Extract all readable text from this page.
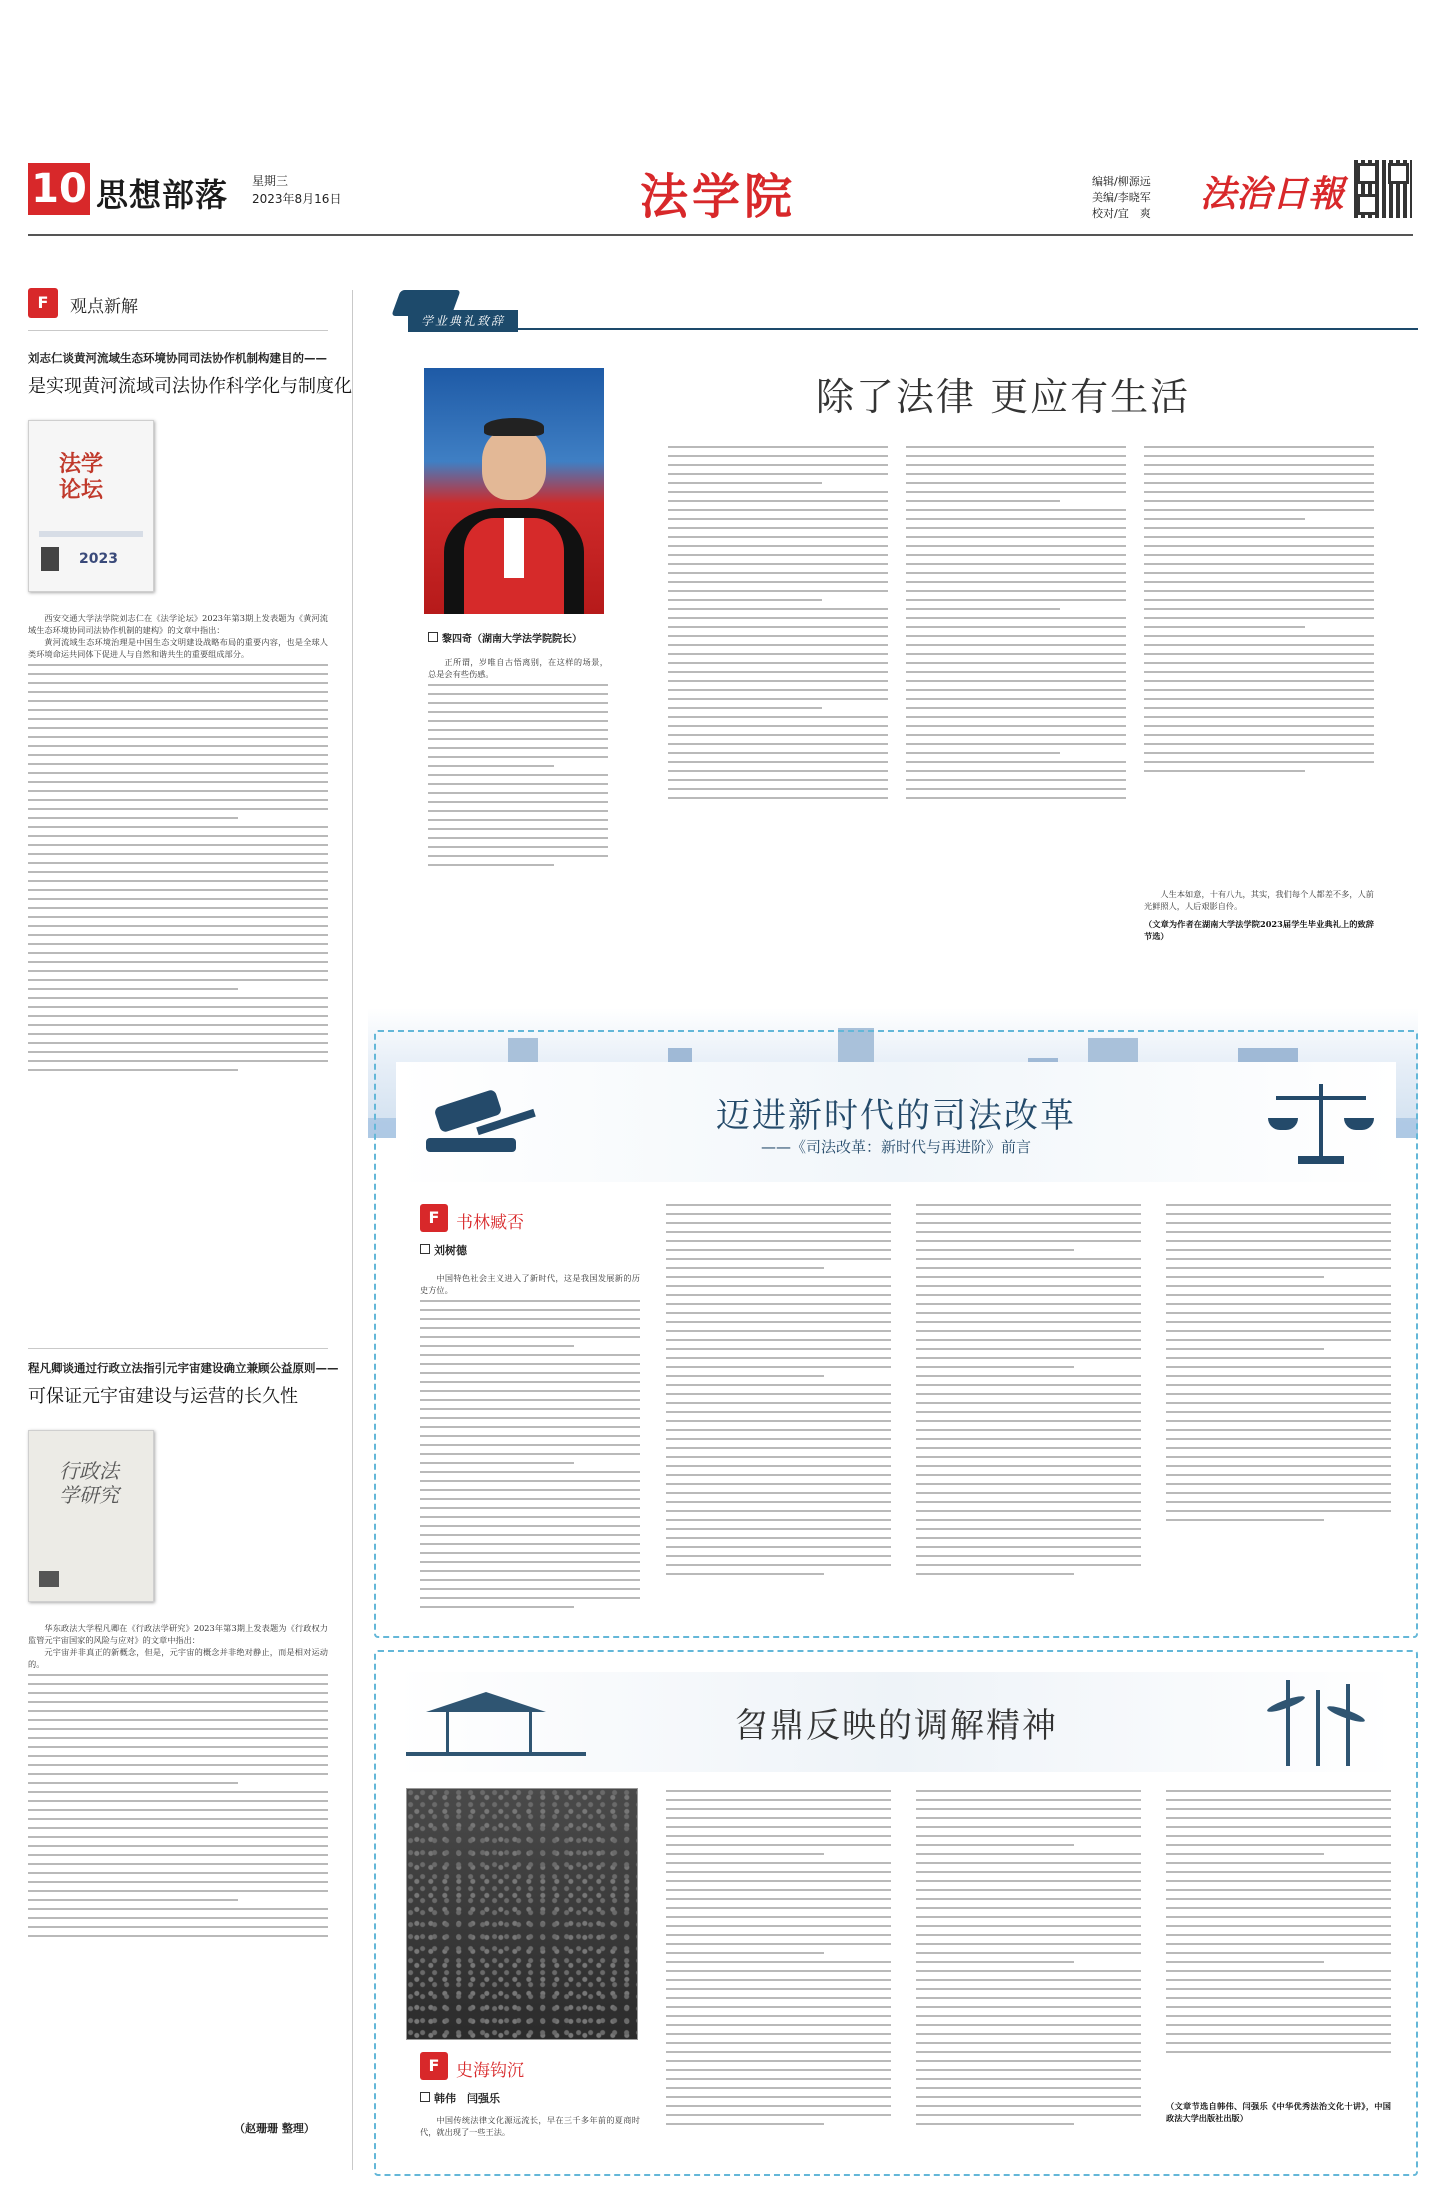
10 思想部落 星期三
2023年8月16日	法学院	编辑/柳源远
美编/李晓军
校对/宜　爽 法治日報
F	观点新解
刘志仁谈黄河流域生态环境协同司法协作机制构建目的——
是实现黄河流域司法协作科学化与制度化
法学论坛
2023
西安交通大学法学院刘志仁在《法学论坛》2023年第3期上发表题为《黄河流域生态环境协同司法协作机制的建构》的文章中指出：
黄河流域生态环境治理是中国生态文明建设战略布局的重要内容，也是全球人类环境命运共同体下促进人与自然和谐共生的重要组成部分。
程凡卿谈通过行政立法指引元宇宙建设确立兼顾公益原则——
可保证元宇宙建设与运营的长久性
行政法学研究
华东政法大学程凡卿在《行政法学研究》2023年第3期上发表题为《行政权力监管元宇宙国家的风险与应对》的文章中指出：
元宇宙并非真正的新概念，但是，元宇宙的概念并非绝对静止，而是相对运动的。
（赵珊珊 整理）
学业典礼致辞
黎四奇（湖南大学法学院院长）
除了法律 更应有生活
正所谓，岁唯自古悟离别，在这样的场景，总是会有些伤感。
人生本如意，十有八九，其实，我们每个人都差不多，人前光鲜照人，人后艰影自伶。
（文章为作者在湖南大学法学院2023届学生毕业典礼上的致辞节选）
迈进新时代的司法改革
——《司法改革：新时代与再进阶》前言
F 书林臧否
刘树德
中国特色社会主义进入了新时代，这是我国发展新的历史方位。
曶鼎反映的调解精神
F 史海钩沉
韩伟　闫强乐
中国传统法律文化源远流长，早在三千多年前的夏商时代，就出现了一些王法。
（文章节选自韩伟、闫强乐《中华优秀法治文化十讲》，中国政法大学出版社出版）
